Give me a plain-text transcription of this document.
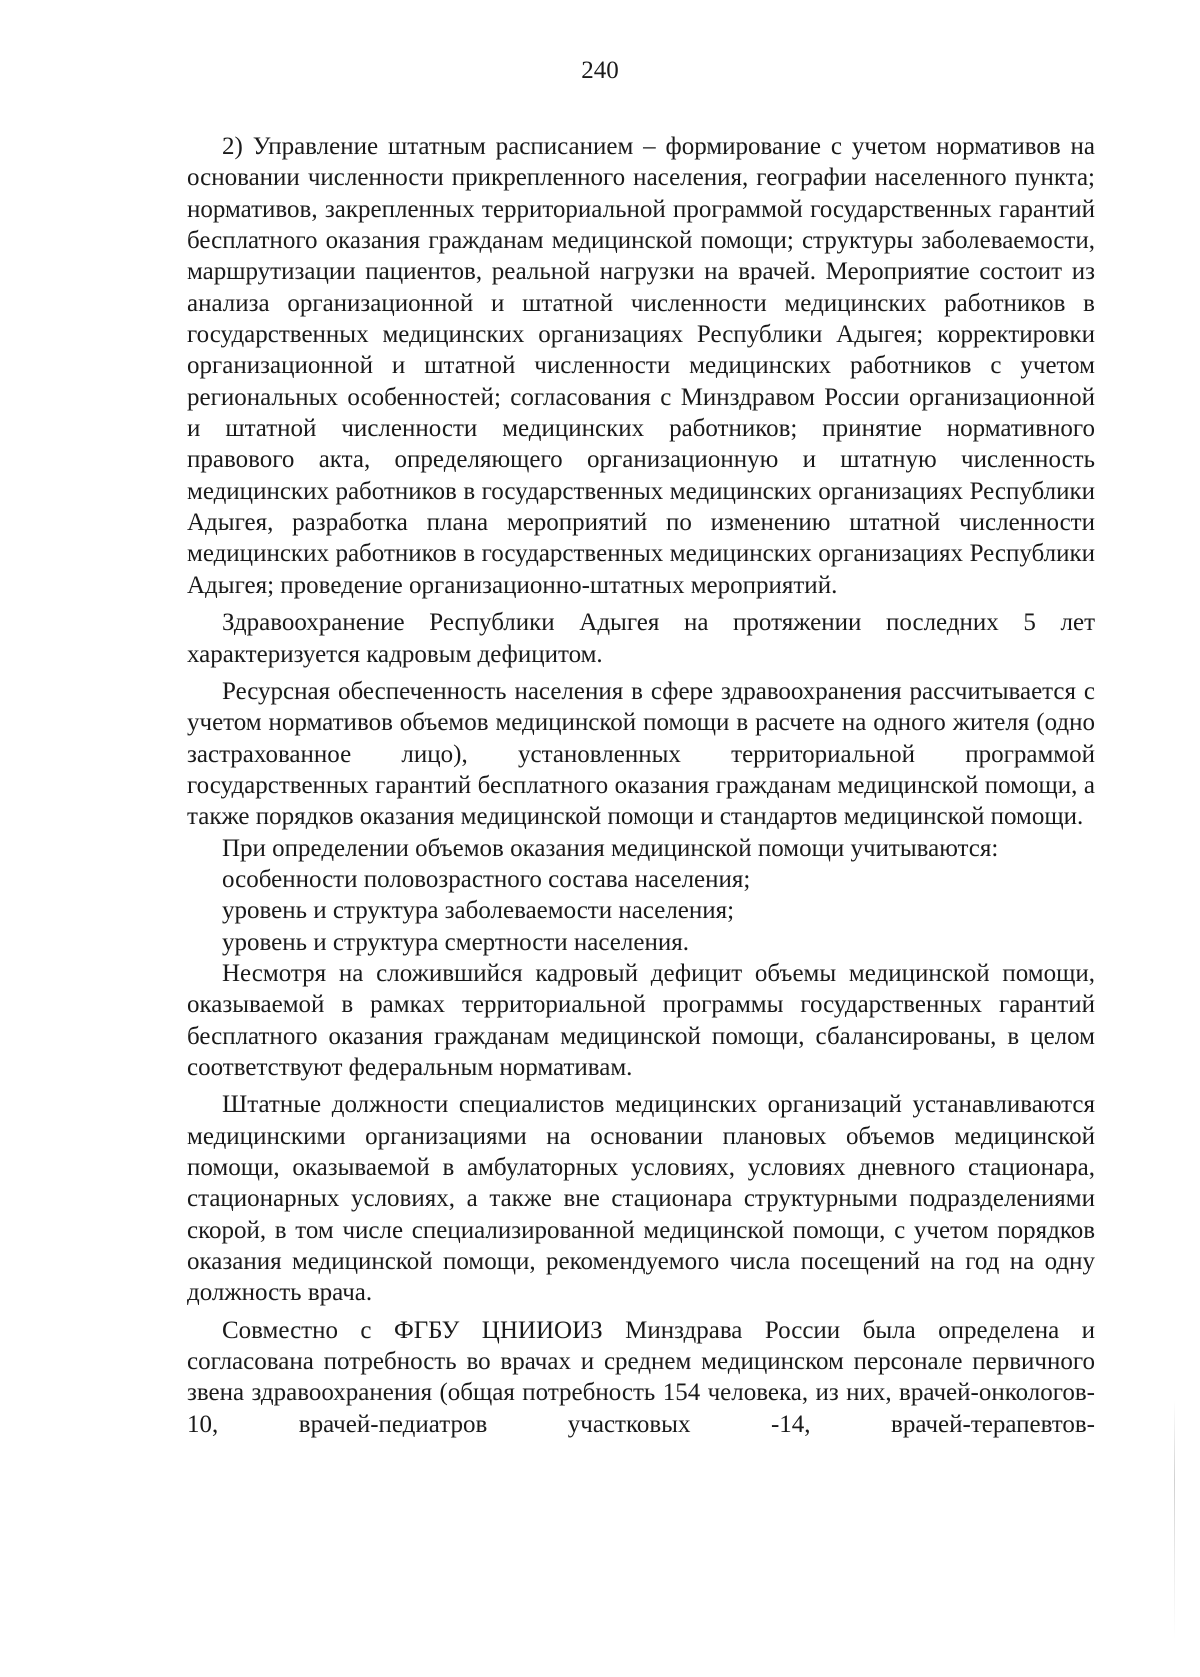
240

2) Управление штатным расписанием – формирование с учетом нормативов на основании численности прикрепленного населения, географии населенного пункта; нормативов, закрепленных территориальной программой государственных гарантий бесплатного оказания гражданам медицинской помощи; структуры заболеваемости, маршрутизации пациентов, реальной нагрузки на врачей. Мероприятие состоит из анализа организационной и штатной численности медицинских работников в государственных медицинских организациях Республики Адыгея; корректировки организационной и штатной численности медицинских работников с учетом региональных особенностей; согласования с Минздравом России организационной и штатной численности медицинских работников; принятие нормативного правового акта, определяющего организационную и штатную численность медицинских работников в государственных медицинских организациях Республики Адыгея, разработка плана мероприятий по изменению штатной численности медицинских работников в государственных медицинских организациях Республики Адыгея; проведение организационно-штатных мероприятий.

Здравоохранение Республики Адыгея на протяжении последних 5 лет характеризуется кадровым дефицитом.

Ресурсная обеспеченность населения в сфере здравоохранения рассчитывается с учетом нормативов объемов медицинской помощи в расчете на одного жителя (одно застрахованное лицо), установленных территориальной программой государственных гарантий бесплатного оказания гражданам медицинской помощи, а также порядков оказания медицинской помощи и стандартов медицинской помощи.

При определении объемов оказания медицинской помощи учитываются:

особенности половозрастного состава населения;

уровень и структура заболеваемости населения;

уровень и структура смертности населения.

Несмотря на сложившийся кадровый дефицит объемы медицинской помощи, оказываемой в рамках территориальной программы государственных гарантий бесплатного оказания гражданам медицинской помощи, сбалансированы, в целом соответствуют федеральным нормативам.

Штатные должности специалистов медицинских организаций устанавливаются медицинскими организациями на основании плановых объемов медицинской помощи, оказываемой в амбулаторных условиях, условиях дневного стационара, стационарных условиях, а также вне стационара структурными подразделениями скорой, в том числе специализированной медицинской помощи, с учетом порядков оказания медицинской помощи, рекомендуемого числа посещений на год на одну должность врача.

Совместно с ФГБУ ЦНИИОИЗ Минздрава России была определена и согласована потребность во врачах и среднем медицинском персонале первичного звена здравоохранения (общая потребность 154 человека, из них, врачей-онкологов- 10, врачей-педиатров участковых -14, врачей-терапевтов-
